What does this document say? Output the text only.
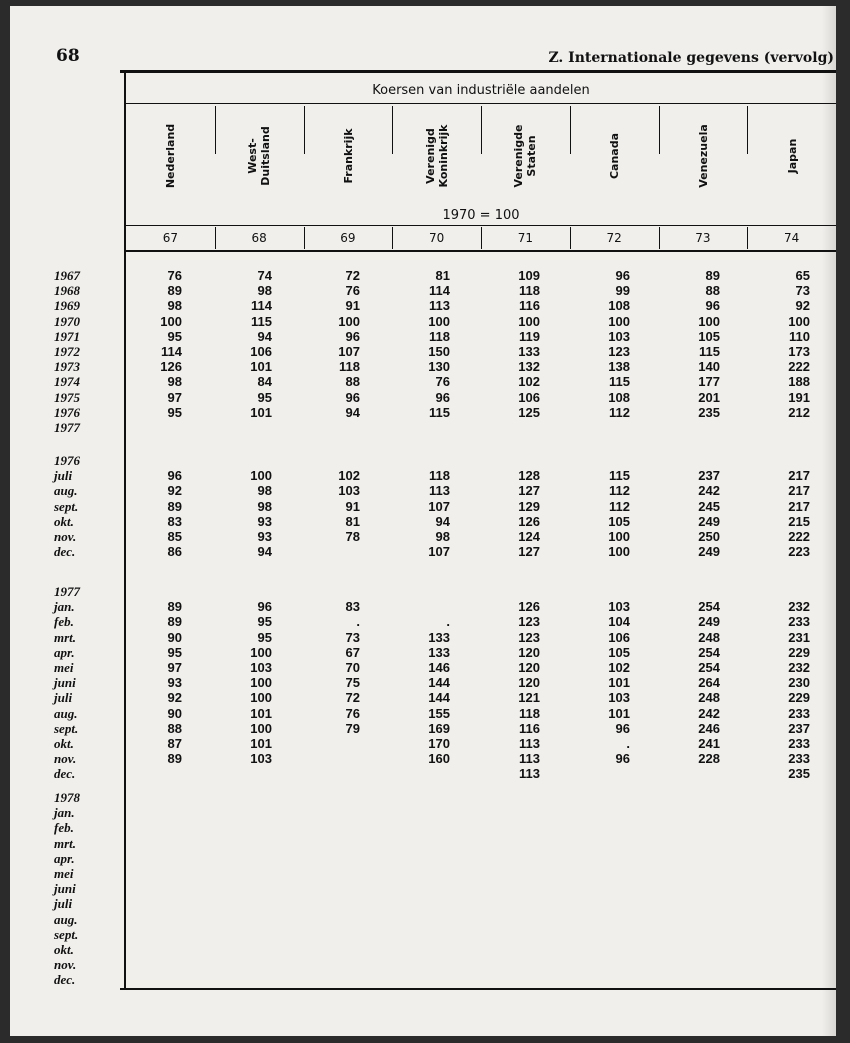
68	Z. Internationale gegevens (vervolg)
Koersen van industriële aandelen
1970 = 100
Nederland
67
West- Duitsland
68
Frankrijk
69
Verenigd Koninkrijk
70
Verenigde Staten
71
Canada
72
Venezuela
73
Japan
74
1967
1968
1969
1970
1971
1972
1973
1974
1975
1976
1977
76
89
98
100
95
114
126
98
97
95
74
98
114
115
94
106
101
84
95
101
72
76
91
100
96
107
118
88
96
94
81
114
113
100
118
150
130
76
96
115
109
118
116
100
119
133
132
102
106
125
96
99
108
100
103
123
138
115
108
112
89
88
96
100
105
115
140
177
201
235
65
73
92
100
110
173
222
188
191
212
1976
juli
aug.
sept.
okt.
nov.
dec.
96
92
89
83
85
86
100
98
98
93
93
94
102
103
91
81
78
118
113
107
94
98
107
128
127
129
126
124
127
115
112
112
105
100
100
237
242
245
249
250
249
217
217
217
215
222
223
1977
jan.
feb.
mrt.
apr.
mei
juni
juli
aug.
sept.
okt.
nov.
dec.
89
89
90
95
97
93
92
90
88
87
89
96
95
95
100
103
100
100
101
100
101
103
83
.
73
67
70
75
72
76
79
.
133
133
146
144
144
155
169
170
160
126
123
123
120
120
120
121
118
116
113
113
113
103
104
106
105
102
101
103
101
96
.
96
254
249
248
254
254
264
248
242
246
241
228
232
233
231
229
232
230
229
233
237
233
233
235
1978
jan.
feb.
mrt.
apr.
mei
juni
juli
aug.
sept.
okt.
nov.
dec.
